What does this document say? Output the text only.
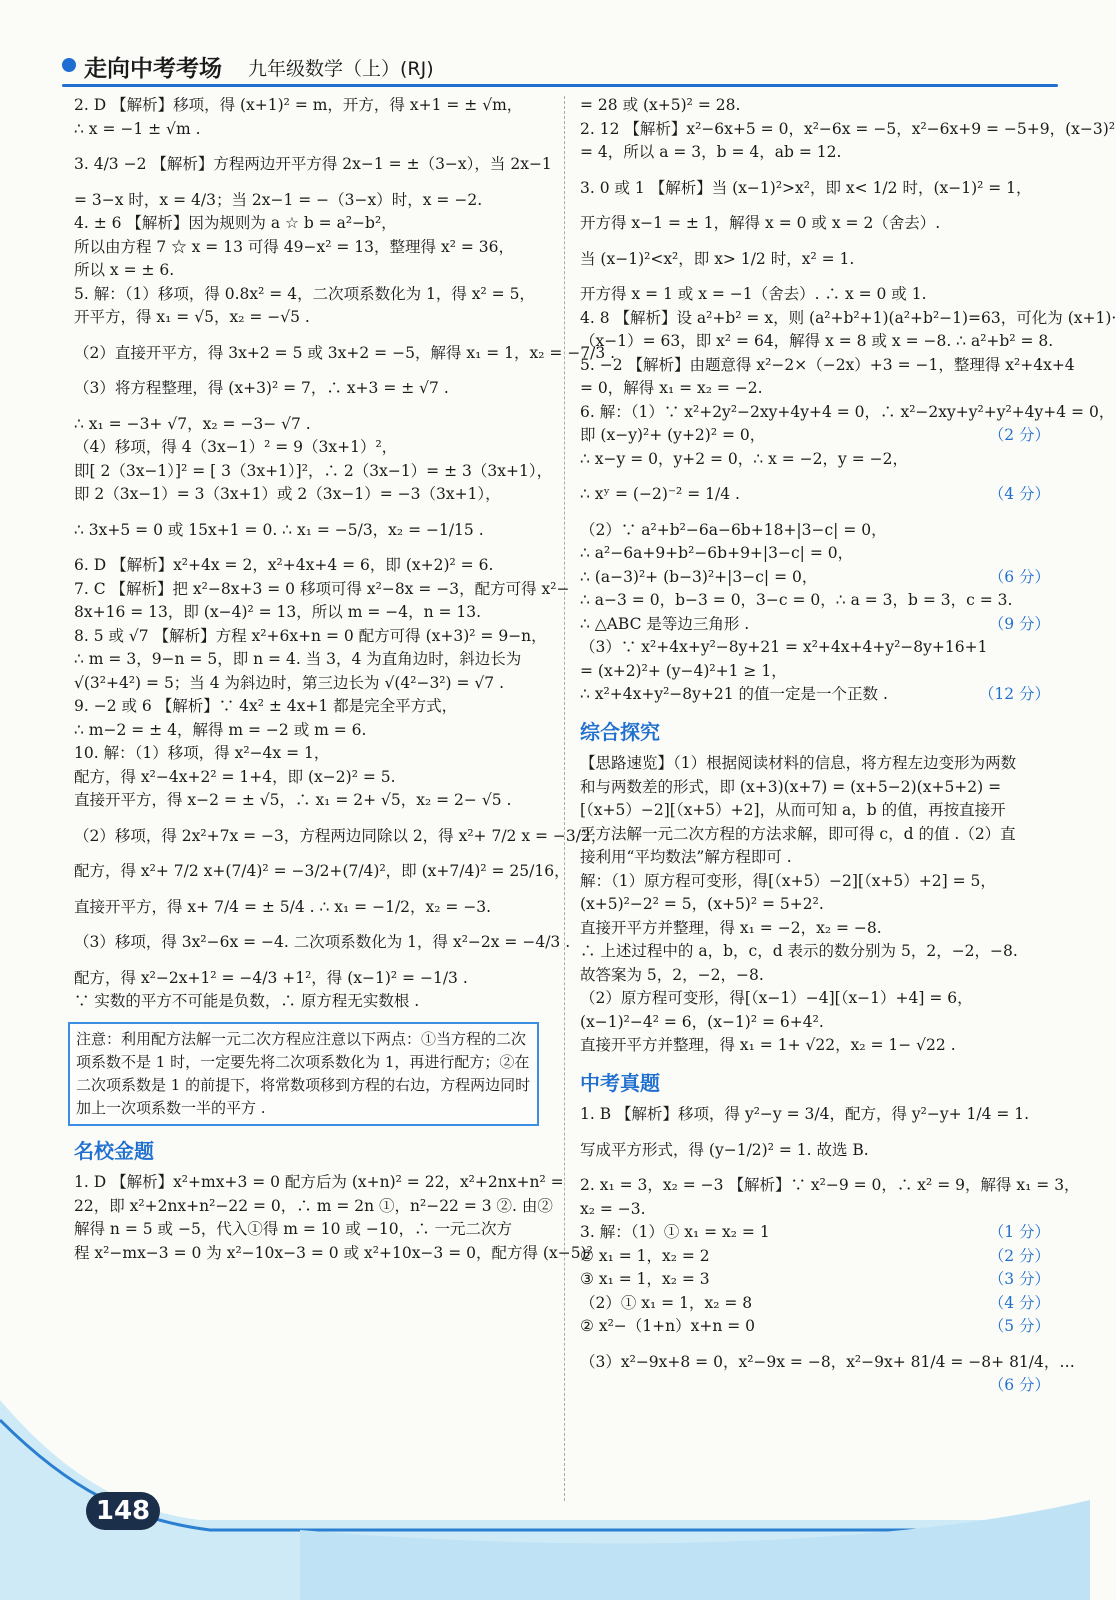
走向中考考场 九年级数学（上）(RJ)
2. D 【解析】移项，得 (x+1)² = m，开方，得 x+1 = ± √m，
∴ x = −1 ± √m .
3. 4/3 −2 【解析】方程两边开平方得 2x−1 = ±（3−x），当 2x−1
= 3−x 时，x = 4/3；当 2x−1 = −（3−x）时，x = −2.
4. ± 6 【解析】因为规则为 a ☆ b = a²−b²，
所以由方程 7 ☆ x = 13 可得 49−x² = 13，整理得 x² = 36，
所以 x = ± 6.
5. 解：（1）移项，得 0.8x² = 4，二次项系数化为 1，得 x² = 5，
开平方，得 x₁ = √5，x₂ = −√5 .
（2）直接开平方，得 3x+2 = 5 或 3x+2 = −5，解得 x₁ = 1，x₂ = −7/3 .
（3）将方程整理，得 (x+3)² = 7，∴ x+3 = ± √7 .
∴ x₁ = −3+ √7，x₂ = −3− √7 .
（4）移项，得 4（3x−1）² = 9（3x+1）²，
即[ 2（3x−1）]² = [ 3（3x+1）]²，∴ 2（3x−1）= ± 3（3x+1），
即 2（3x−1）= 3（3x+1）或 2（3x−1）= −3（3x+1），
∴ 3x+5 = 0 或 15x+1 = 0. ∴ x₁ = −5/3，x₂ = −1/15 .
6. D 【解析】x²+4x = 2，x²+4x+4 = 6，即 (x+2)² = 6.
7. C 【解析】把 x²−8x+3 = 0 移项可得 x²−8x = −3，配方可得 x²−
8x+16 = 13，即 (x−4)² = 13，所以 m = −4，n = 13.
8. 5 或 √7 【解析】方程 x²+6x+n = 0 配方可得 (x+3)² = 9−n，
∴ m = 3，9−n = 5，即 n = 4. 当 3，4 为直角边时，斜边长为
√(3²+4²) = 5；当 4 为斜边时，第三边长为 √(4²−3²) = √7 .
9. −2 或 6 【解析】∵ 4x² ± 4x+1 都是完全平方式，
∴ m−2 = ± 4，解得 m = −2 或 m = 6.
10. 解：（1）移项，得 x²−4x = 1，
配方，得 x²−4x+2² = 1+4，即 (x−2)² = 5.
直接开平方，得 x−2 = ± √5，∴ x₁ = 2+ √5，x₂ = 2− √5 .
（2）移项，得 2x²+7x = −3，方程两边同除以 2，得 x²+ 7/2 x = −3/2，
配方，得 x²+ 7/2 x+(7/4)² = −3/2+(7/4)²，即 (x+7/4)² = 25/16，
直接开平方，得 x+ 7/4 = ± 5/4 . ∴ x₁ = −1/2，x₂ = −3.
（3）移项，得 3x²−6x = −4. 二次项系数化为 1，得 x²−2x = −4/3 .
配方，得 x²−2x+1² = −4/3 +1²，得 (x−1)² = −1/3 .
∵ 实数的平方不可能是负数，∴ 原方程无实数根 .
注意：利用配方法解一元二次方程应注意以下两点：①当方程的二次项系数不是 1 时，一定要先将二次项系数化为 1，再进行配方；②在二次项系数是 1 的前提下，将常数项移到方程的右边，方程两边同时加上一次项系数一半的平方 .
名校金题
1. D 【解析】x²+mx+3 = 0 配方后为 (x+n)² = 22，x²+2nx+n² =
22，即 x²+2nx+n²−22 = 0，∴ m = 2n ①，n²−22 = 3 ②. 由②
解得 n = 5 或 −5，代入①得 m = 10 或 −10，∴ 一元二次方
程 x²−mx−3 = 0 为 x²−10x−3 = 0 或 x²+10x−3 = 0，配方得 (x−5)²
= 28 或 (x+5)² = 28.
2. 12 【解析】x²−6x+5 = 0，x²−6x = −5，x²−6x+9 = −5+9，(x−3)²
= 4，所以 a = 3，b = 4，ab = 12.
3. 0 或 1 【解析】当 (x−1)²>x²，即 x< 1/2 时，(x−1)² = 1，
开方得 x−1 = ± 1，解得 x = 0 或 x = 2（舍去）.
当 (x−1)²<x²，即 x> 1/2 时，x² = 1.
开方得 x = 1 或 x = −1（舍去）. ∴ x = 0 或 1.
4. 8 【解析】设 a²+b² = x，则 (a²+b²+1)(a²+b²−1)=63，可化为 (x+1)·
（x−1）= 63，即 x² = 64，解得 x = 8 或 x = −8. ∴ a²+b² = 8.
5. −2 【解析】由题意得 x²−2×（−2x）+3 = −1，整理得 x²+4x+4
= 0，解得 x₁ = x₂ = −2.
6. 解：（1）∵ x²+2y²−2xy+4y+4 = 0，∴ x²−2xy+y²+y²+4y+4 = 0，
即 (x−y)²+ (y+2)² = 0，	（2 分）
∴ x−y = 0，y+2 = 0，∴ x = −2，y = −2，
∴ xʸ = (−2)⁻² = 1/4 .	（4 分）
（2）∵ a²+b²−6a−6b+18+|3−c| = 0，
∴ a²−6a+9+b²−6b+9+|3−c| = 0，
∴ (a−3)²+ (b−3)²+|3−c| = 0，	（6 分）
∴ a−3 = 0，b−3 = 0，3−c = 0，∴ a = 3，b = 3，c = 3.
∴ △ABC 是等边三角形 .	（9 分）
（3）∵ x²+4x+y²−8y+21 = x²+4x+4+y²−8y+16+1
= (x+2)²+ (y−4)²+1 ≥ 1，
∴ x²+4x+y²−8y+21 的值一定是一个正数 .	（12 分）
综合探究
【思路速览】（1）根据阅读材料的信息，将方程左边变形为两数
和与两数差的形式，即 (x+3)(x+7) = (x+5−2)(x+5+2) =
[（x+5）−2][（x+5）+2]，从而可知 a，b 的值，再按直接开
平方法解一元二次方程的方法求解，即可得 c，d 的值 .（2）直
接利用“平均数法”解方程即可 .
解：（1）原方程可变形，得[（x+5）−2][（x+5）+2] = 5，
(x+5)²−2² = 5，(x+5)² = 5+2².
直接开平方并整理，得 x₁ = −2，x₂ = −8.
∴ 上述过程中的 a，b，c，d 表示的数分别为 5，2，−2，−8.
故答案为 5，2，−2，−8.
（2）原方程可变形，得[（x−1）−4][（x−1）+4] = 6，
(x−1)²−4² = 6，(x−1)² = 6+4².
直接开平方并整理，得 x₁ = 1+ √22，x₂ = 1− √22 .
中考真题
1. B 【解析】移项，得 y²−y = 3/4，配方，得 y²−y+ 1/4 = 1.
写成平方形式，得 (y−1/2)² = 1. 故选 B.
2. x₁ = 3，x₂ = −3 【解析】∵ x²−9 = 0，∴ x² = 9，解得 x₁ = 3，
x₂ = −3.
3. 解：（1）① x₁ = x₂ = 1	（1 分）
② x₁ = 1，x₂ = 2	（2 分）
③ x₁ = 1，x₂ = 3	（3 分）
（2）① x₁ = 1，x₂ = 8	（4 分）
② x²−（1+n）x+n = 0	（5 分）
（3）x²−9x+8 = 0，x²−9x = −8，x²−9x+ 81/4 = −8+ 81/4，…
（6 分）
148
